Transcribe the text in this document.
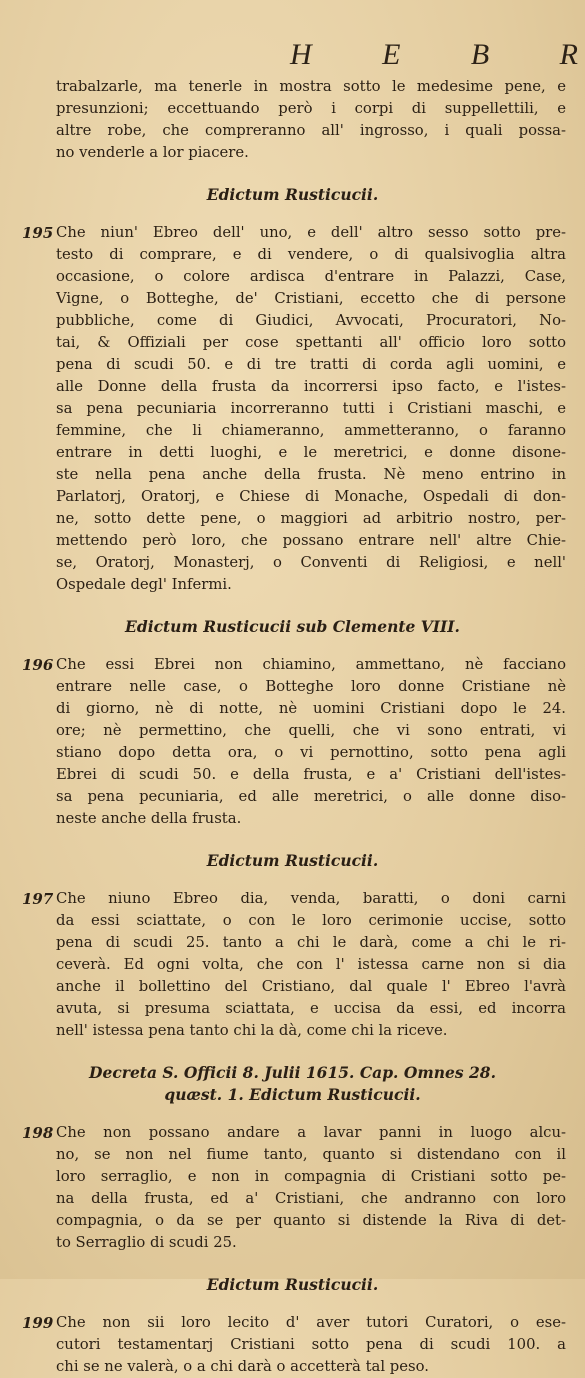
H E B R
trabalzarle, ma tenerle in mostra sotto le medesime pene, e
presunzioni; eccettuando però i corpi di suppellettili, e
altre robe, che compreranno all' ingrosso, i quali possa-
no venderle a lor piacere.
Edictum Rusticucii.
195 Che niun' Ebreo dell' uno, e dell' altro sesso sotto pre-
testo di comprare, e di vendere, o di qualsivoglia altra
occasione, o colore ardisca d'entrare in Palazzi, Case,
Vigne, o Botteghe, de' Cristiani, eccetto che di persone
pubbliche, come di Giudici, Avvocati, Procuratori, No-
tai, & Offiziali per cose spettanti all' officio loro sotto
pena di scudi 50. e di tre tratti di corda agli uomini, e
alle Donne della frusta da incorrersi ipso facto, e l'istes-
sa pena pecuniaria incorreranno tutti i Cristiani maschi, e
femmine, che li chiameranno, ammetteranno, o faranno
entrare in detti luoghi, e le meretrici, e donne disone-
ste nella pena anche della frusta. Nè meno entrino in
Parlatorj, Oratorj, e Chiese di Monache, Ospedali di don-
ne, sotto dette pene, o maggiori ad arbitrio nostro, per-
mettendo però loro, che possano entrare nell' altre Chie-
se, Oratorj, Monasterj, o Conventi di Religiosi, e nell'
Ospedale degl' Infermi.
Edictum Rusticucii sub Clemente VIII.
196 Che essi Ebrei non chiamino, ammettano, nè facciano
entrare nelle case, o Botteghe loro donne Cristiane nè
di giorno, nè di notte, nè uomini Cristiani dopo le 24.
ore; nè permettino, che quelli, che vi sono entrati, vi
stiano dopo detta ora, o vi pernottino, sotto pena agli
Ebrei di scudi 50. e della frusta, e a' Cristiani dell'istes-
sa pena pecuniaria, ed alle meretrici, o alle donne diso-
neste anche della frusta.
Edictum Rusticucii.
197 Che niuno Ebreo dia, venda, baratti, o doni carni
da essi sciattate, o con le loro cerimonie uccise, sotto
pena di scudi 25. tanto a chi le darà, come a chi le ri-
ceverà. Ed ogni volta, che con l' istessa carne non si dia
anche il bollettino del Cristiano, dal quale l' Ebreo l'avrà
avuta, si presuma sciattata, e uccisa da essi, ed incorra
nell' istessa pena tanto chi la dà, come chi la riceve.
Decreta S. Officii 8. Julii 1615. Cap. Omnes 28.
quæst. 1. Edictum Rusticucii.
198 Che non possano andare a lavar panni in luogo alcu-
no, se non nel fiume tanto, quanto si distendano con il
loro serraglio, e non in compagnia di Cristiani sotto pe-
na della frusta, ed a' Cristiani, che andranno con loro
compagnia, o da se per quanto si distende la Riva di det-
to Serraglio di scudi 25.
Edictum Rusticucii.
199 Che non sii loro lecito d' aver tutori Curatori, o ese-
cutori testamentarj Cristiani sotto pena di scudi 100. a
chi se ne valerà, o a chi darà o accetterà tal peso.
